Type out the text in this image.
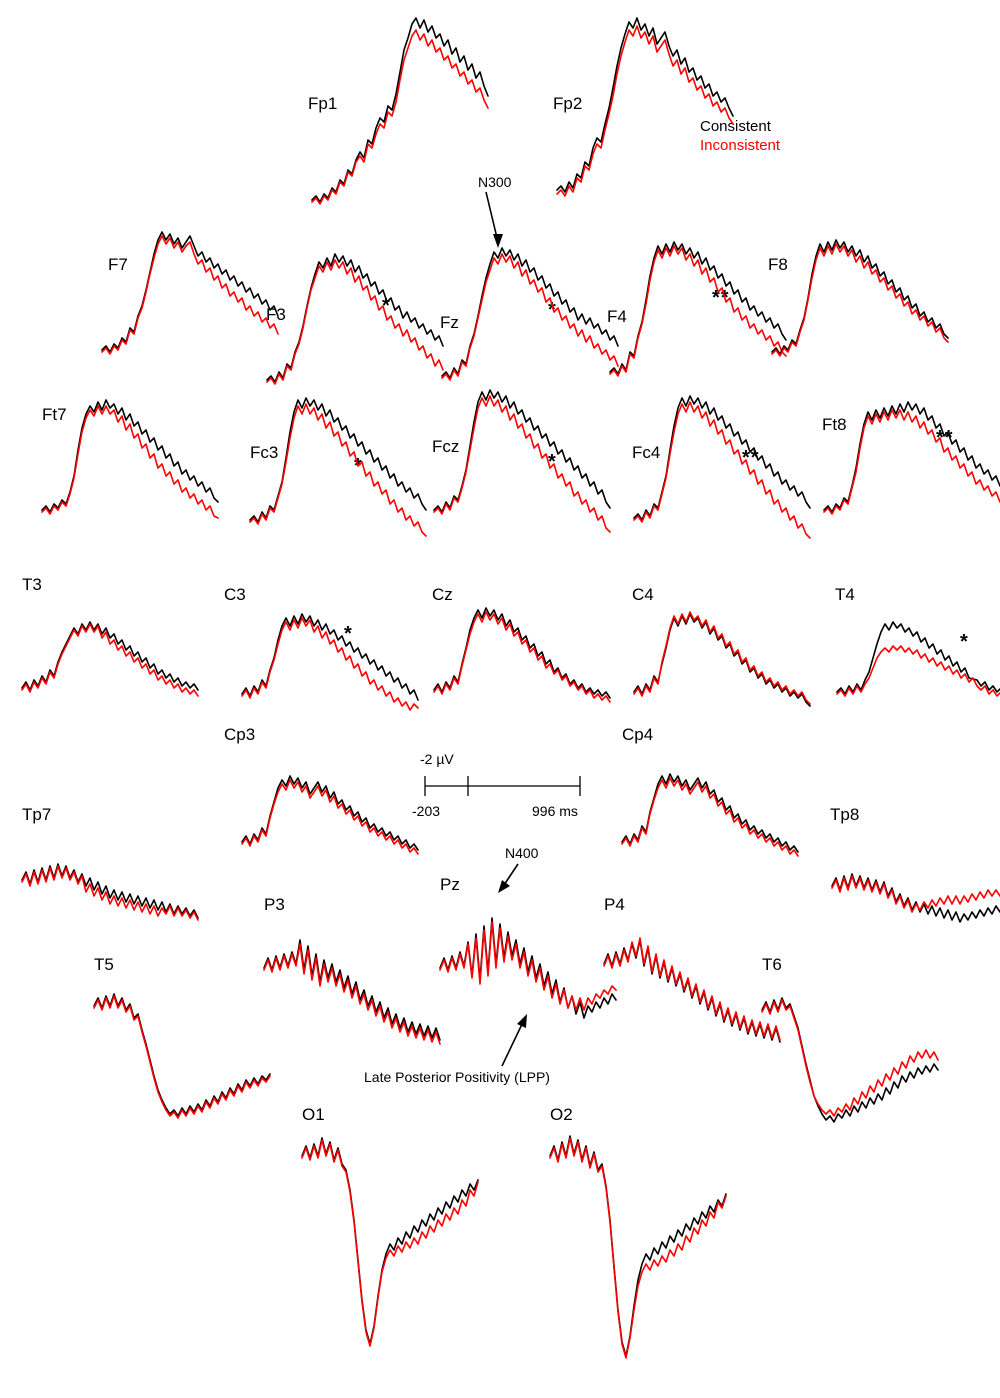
Consistent
Inconsistent
N300
N400
Late Posterior Positivity (LPP)
-2 µV
-203	996 ms
Fp1	Fp2
F7
F3	Fz	F4
F8
Ft7
Fc3	Fcz	Fc4
Ft8
T3
C3	Cz	C4	T4
Cp3	Cp4
Tp7	Tp8
P3
Pz
P4
T5	T6
O1	O2
*	*
**
*	*	**
**
*	*
